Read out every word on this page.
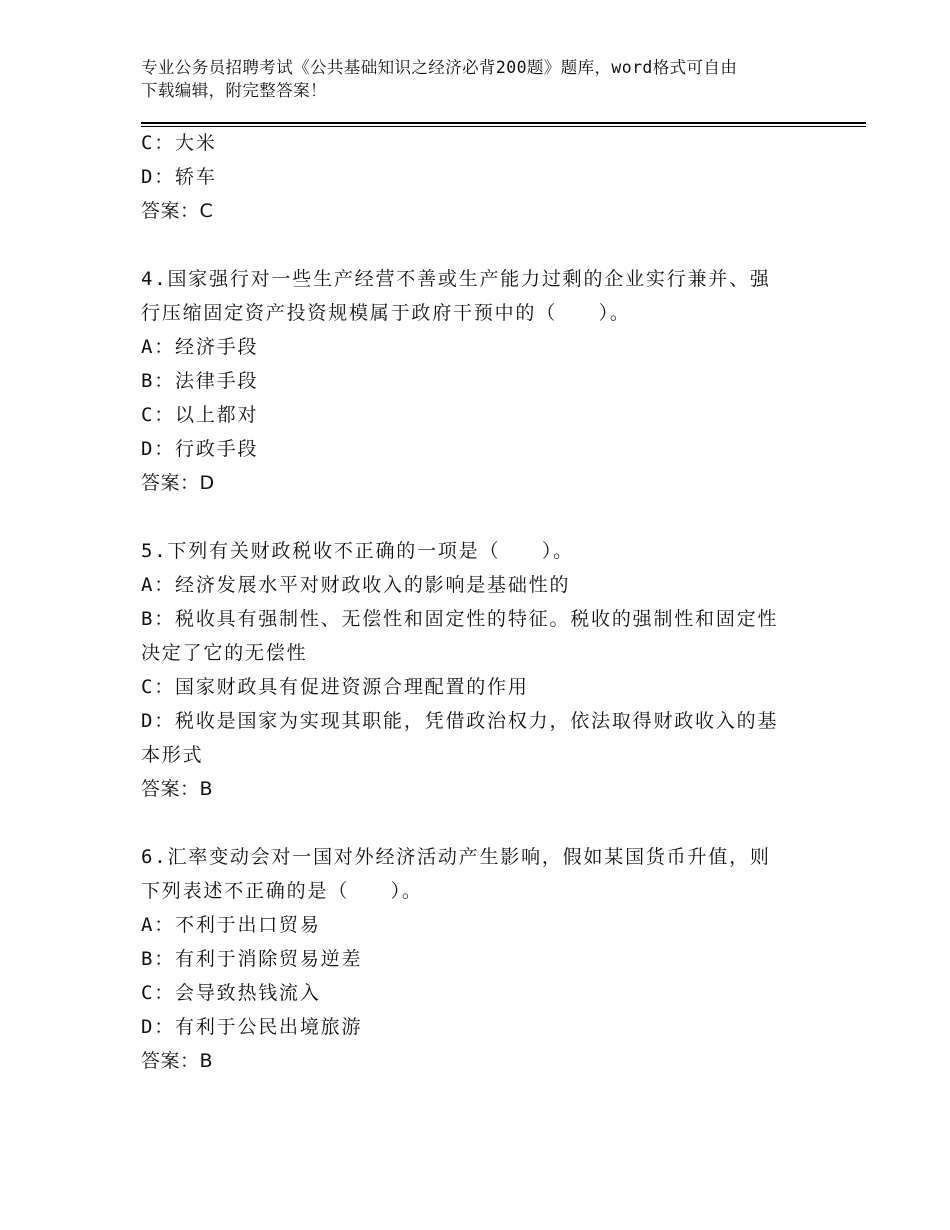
专业公务员招聘考试《公共基础知识之经济必背200题》题库，word格式可自由
下载编辑，附完整答案！
C：大米
D：轿车
答案：C
4.国家强行对一些生产经营不善或生产能力过剩的企业实行兼并、强
行压缩固定资产投资规模属于政府干预中的（　　）。
A：经济手段
B：法律手段
C：以上都对
D：行政手段
答案：D
5.下列有关财政税收不正确的一项是（　　）。
A：经济发展水平对财政收入的影响是基础性的
B：税收具有强制性、无偿性和固定性的特征。税收的强制性和固定性
决定了它的无偿性
C：国家财政具有促进资源合理配置的作用
D：税收是国家为实现其职能，凭借政治权力，依法取得财政收入的基
本形式
答案：B
6.汇率变动会对一国对外经济活动产生影响，假如某国货币升值，则
下列表述不正确的是（　　）。
A：不利于出口贸易
B：有利于消除贸易逆差
C：会导致热钱流入
D：有利于公民出境旅游
答案：B
